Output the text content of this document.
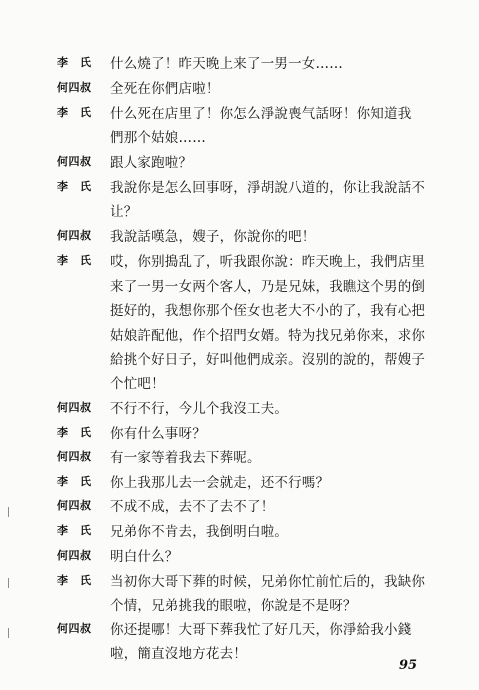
李　氏	什么燒了！昨天晚上来了一男一女……
何四叔	全死在你們店啦！
李　氏	什么死在店里了！你怎么淨說喪气話呀！你知道我
們那个姑娘……
何四叔	跟人家跑啦？
李　氏	我說你是怎么回事呀，淨胡說八道的，你让我說話不
让？
何四叔	我說話嘆急，嫂子，你說你的吧！
李　氏	哎，你别搗乱了，听我跟你說：昨天晚上，我們店里
来了一男一女两个客人，乃是兄妹，我瞧这个男的倒
挺好的，我想你那个侄女也老大不小的了，我有心把
姑娘許配他，作个招門女婿。特为找兄弟你来，求你
給挑个好日子，好叫他們成亲。沒别的說的，帮嫂子
个忙吧！
何四叔	不行不行，今儿个我沒工夫。
李　氏	你有什么事呀？
何四叔	有一家等着我去下葬呢。
李　氏	你上我那儿去一会就走，还不行嗎？
何四叔	不成不成，去不了去不了！
李　氏	兄弟你不肯去，我倒明白啦。
何四叔	明白什么？
李　氏	当初你大哥下葬的时候，兄弟你忙前忙后的，我缺你
个情，兄弟挑我的眼啦，你說是不是呀？
何四叔	你还提哪！大哥下葬我忙了好几天，你淨給我小錢
啦，簡直沒地方花去！
95
